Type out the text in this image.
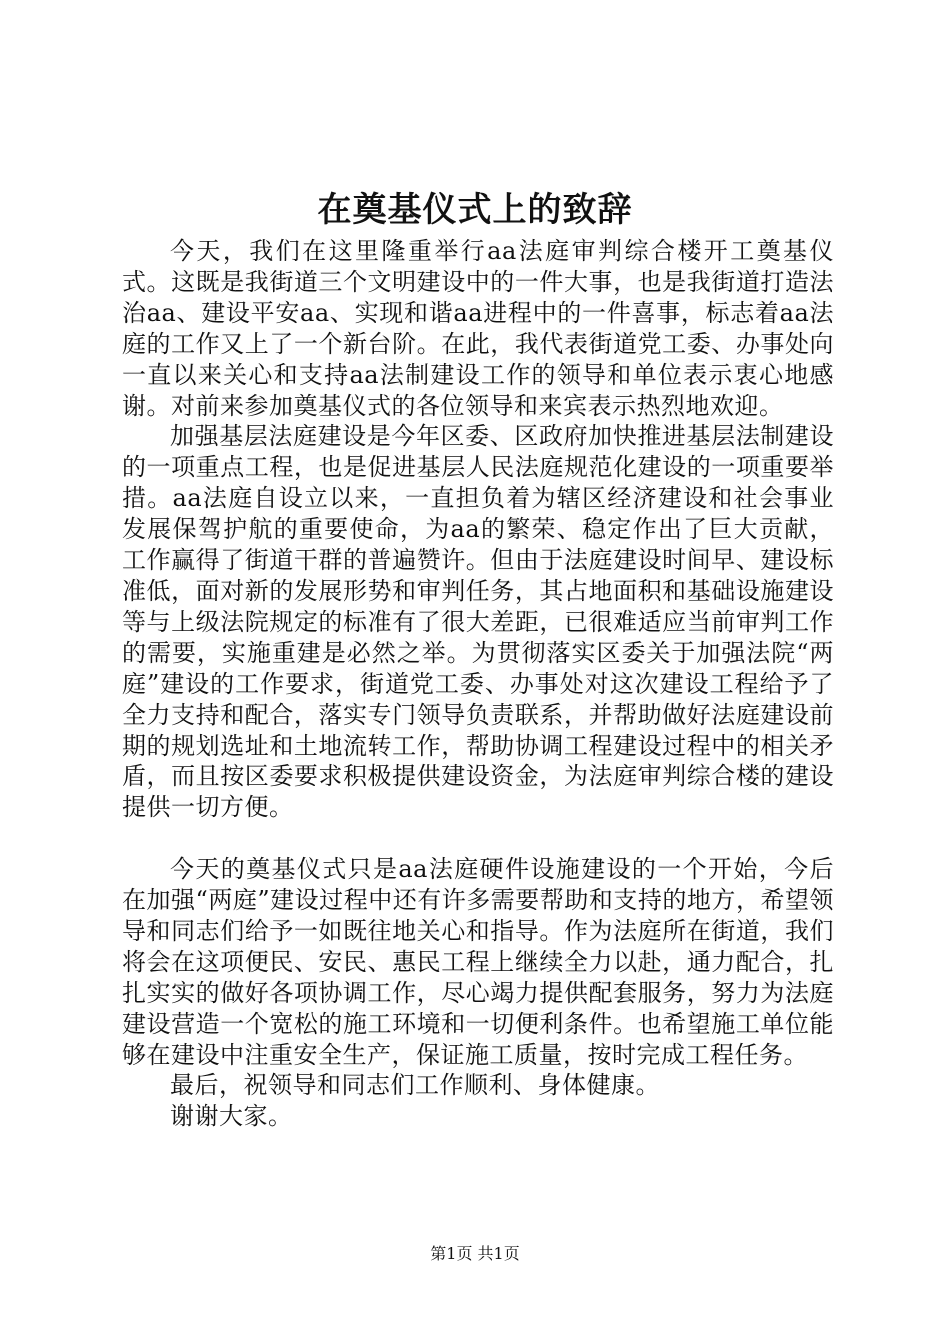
在奠基仪式上的致辞

今天，我们在这里隆重举行aa法庭审判综合楼开工奠基仪式。这既是我街道三个文明建设中的一件大事，也是我街道打造法治aa、建设平安aa、实现和谐aa进程中的一件喜事，标志着aa法庭的工作又上了一个新台阶。在此，我代表街道党工委、办事处向一直以来关心和支持aa法制建设工作的领导和单位表示衷心地感谢。对前来参加奠基仪式的各位领导和来宾表示热烈地欢迎。

加强基层法庭建设是今年区委、区政府加快推进基层法制建设的一项重点工程，也是促进基层人民法庭规范化建设的一项重要举措。aa法庭自设立以来，一直担负着为辖区经济建设和社会事业发展保驾护航的重要使命，为aa的繁荣、稳定作出了巨大贡献，工作赢得了街道干群的普遍赞许。但由于法庭建设时间早、建设标准低，面对新的发展形势和审判任务，其占地面积和基础设施建设等与上级法院规定的标准有了很大差距，已很难适应当前审判工作的需要，实施重建是必然之举。为贯彻落实区委关于加强法院“两庭”建设的工作要求，街道党工委、办事处对这次建设工程给予了全力支持和配合，落实专门领导负责联系，并帮助做好法庭建设前期的规划选址和土地流转工作，帮助协调工程建设过程中的相关矛盾，而且按区委要求积极提供建设资金，为法庭审判综合楼的建设提供一切方便。

今天的奠基仪式只是aa法庭硬件设施建设的一个开始，今后在加强“两庭”建设过程中还有许多需要帮助和支持的地方，希望领导和同志们给予一如既往地关心和指导。作为法庭所在街道，我们将会在这项便民、安民、惠民工程上继续全力以赴，通力配合，扎扎实实的做好各项协调工作，尽心竭力提供配套服务，努力为法庭建设营造一个宽松的施工环境和一切便利条件。也希望施工单位能够在建设中注重安全生产，保证施工质量，按时完成工程任务。

最后，祝领导和同志们工作顺利、身体健康。

谢谢大家。

第1页 共1页
